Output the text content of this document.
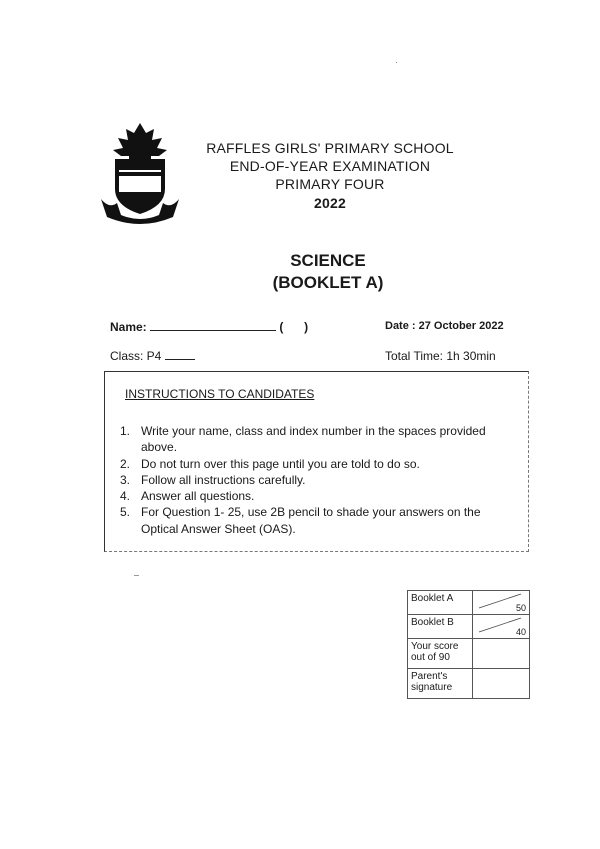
RAFFLES GIRLS' PRIMARY SCHOOL
END-OF-YEAR EXAMINATION
PRIMARY FOUR
2022
SCIENCE
(BOOKLET A)
Name:	( )	Date : 27 October 2022
Class: P4	Total Time: 1h 30min
INSTRUCTIONS TO CANDIDATES
1. Write your name, class and index number in the spaces provided above.
2. Do not turn over this page until you are told to do so.
3. Follow all instructions carefully.
4. Answer all questions.
5. For Question 1- 25, use 2B pencil to shade your answers on the Optical Answer Sheet (OAS).
Booklet A	50

Booklet B	40

Your score out of 90	
Parent's signature	
